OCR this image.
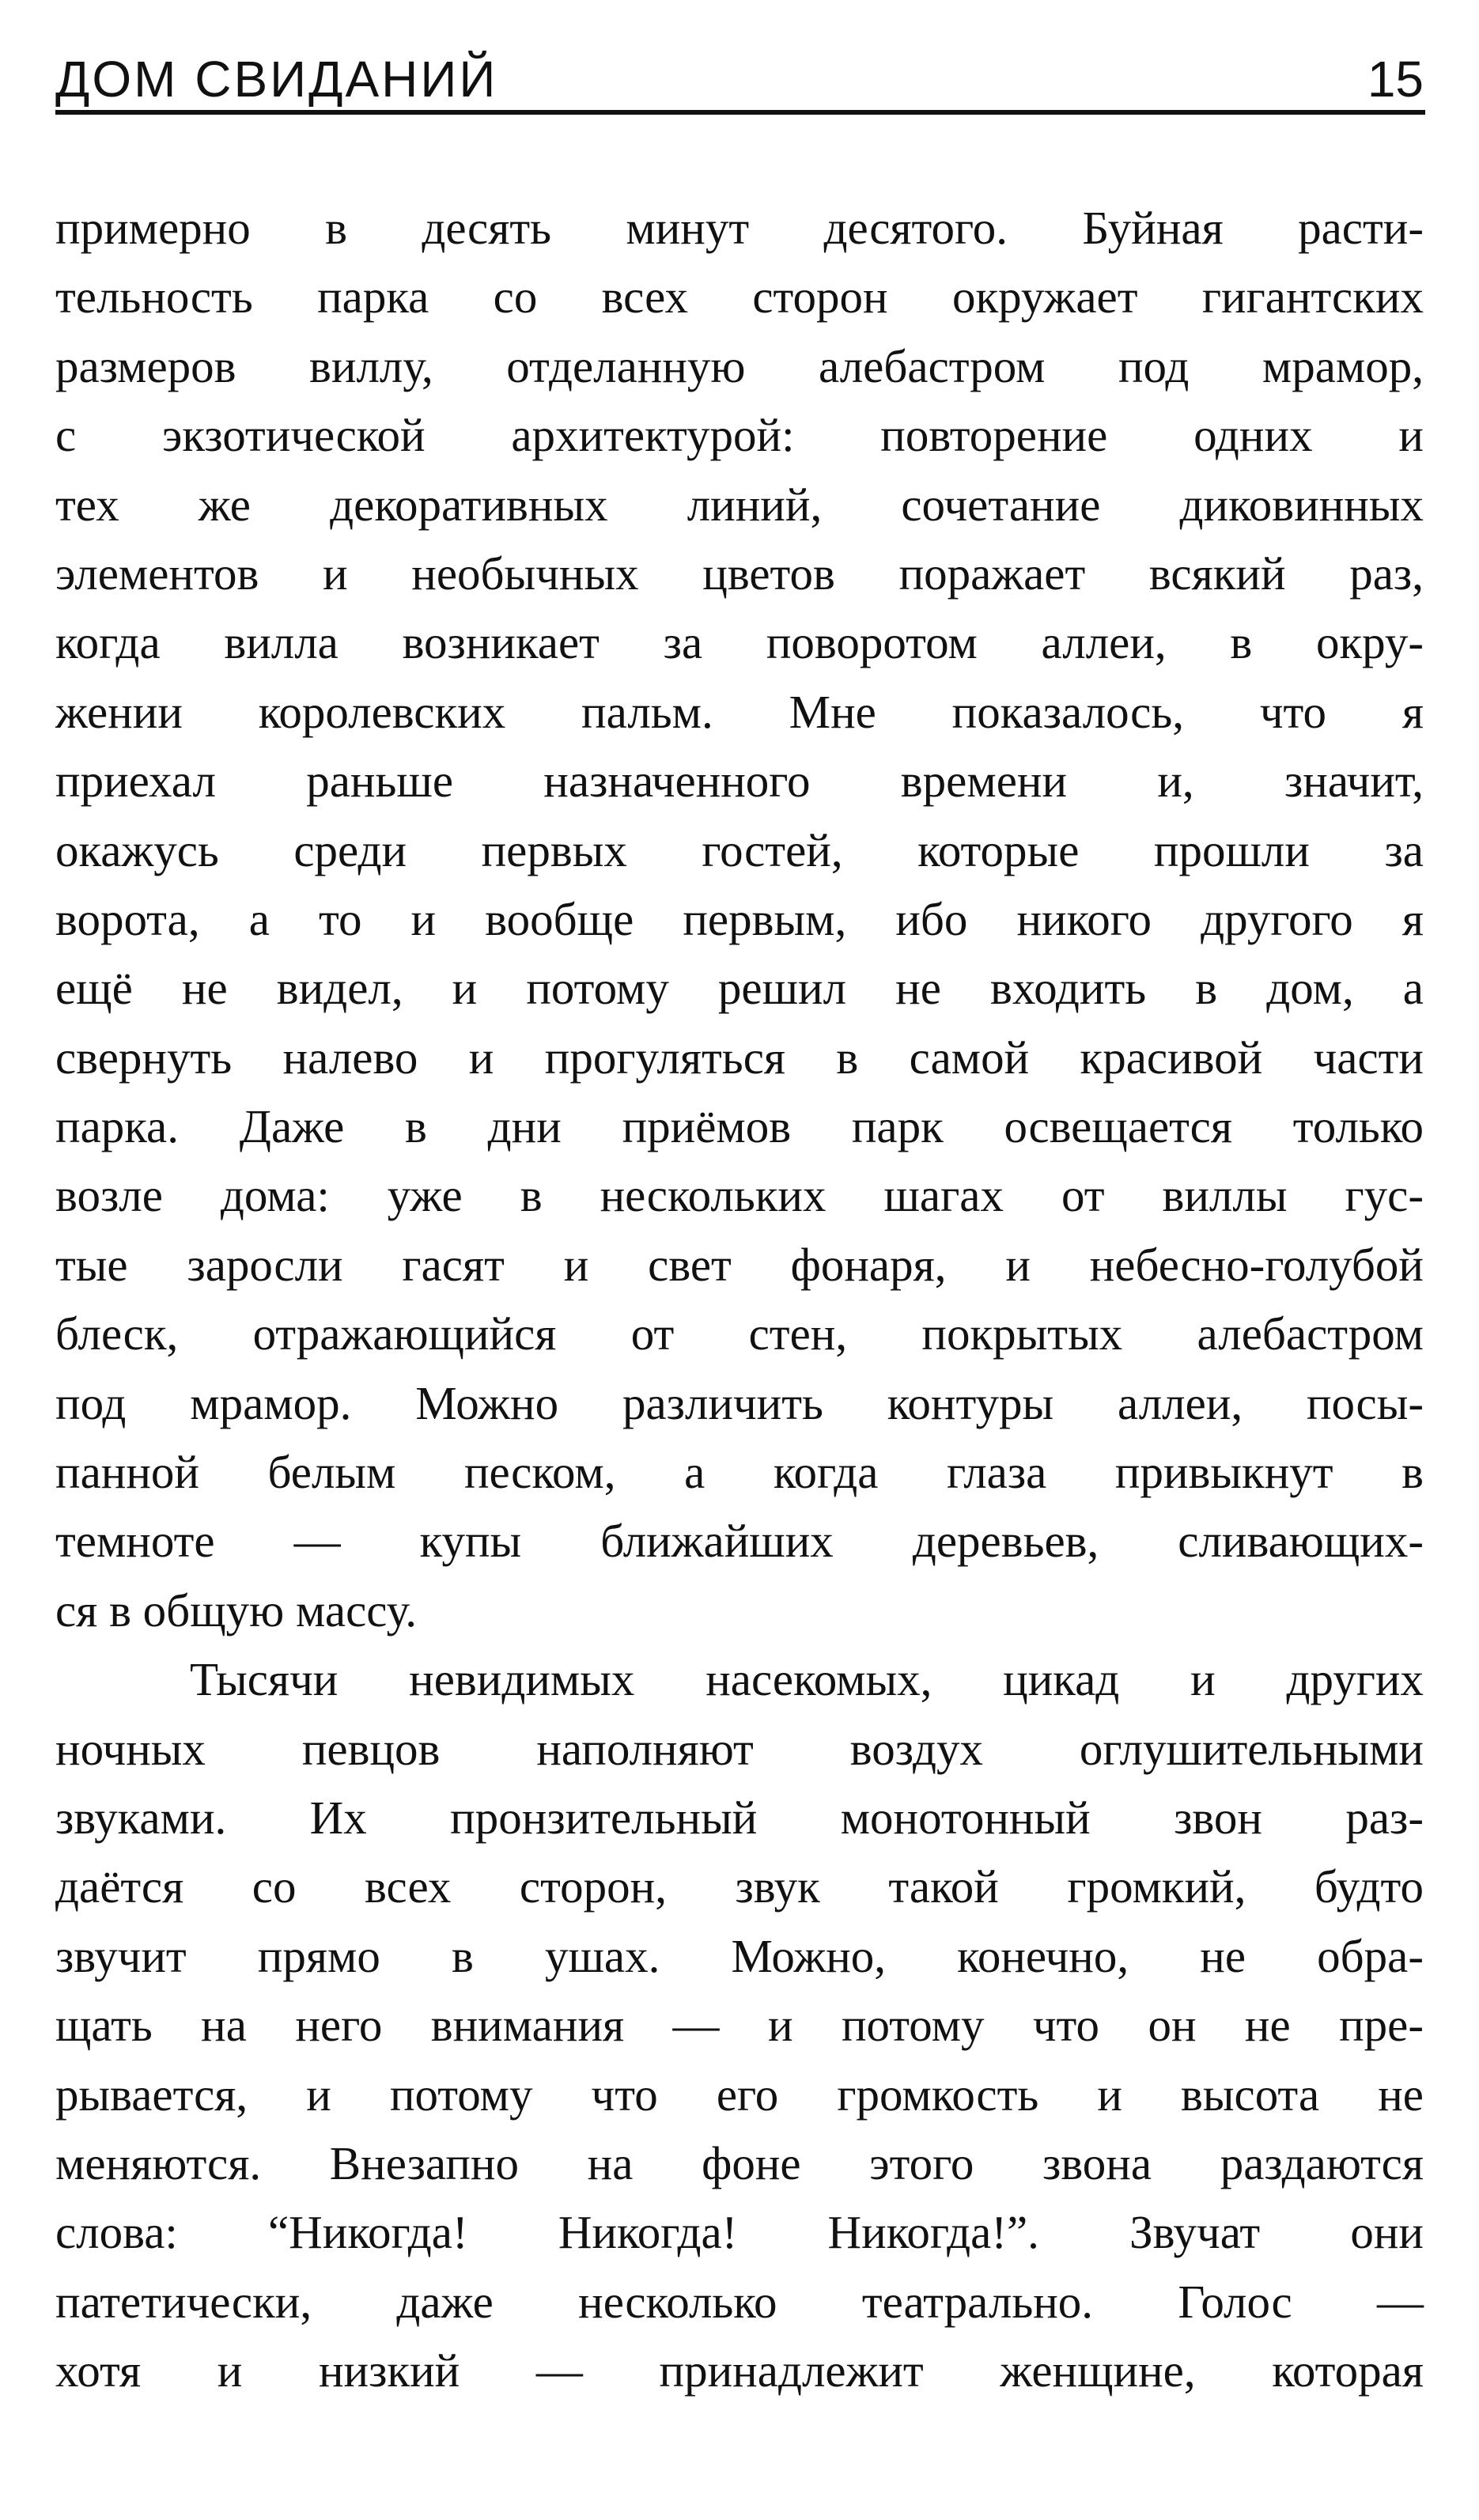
ДОМ СВИДАНИЙ	15
примерно в десять минут десятого. Буйная расти-
тельность парка со всех сторон окружает гигантских
размеров виллу, отделанную алебастром под мрамор,
с экзотической архитектурой: повторение одних и
тех же декоративных линий, сочетание диковинных
элементов и необычных цветов поражает всякий раз,
когда вилла возникает за поворотом аллеи, в окру-
жении королевских пальм. Мне показалось, что я
приехал раньше назначенного времени и, значит,
окажусь среди первых гостей, которые прошли за
ворота, а то и вообще первым, ибо никого другого я
ещё не видел, и потому решил не входить в дом, а
свернуть налево и прогуляться в самой красивой части
парка. Даже в дни приёмов парк освещается только
возле дома: уже в нескольких шагах от виллы гус-
тые заросли гасят и свет фонаря, и небесно-голубой
блеск, отражающийся от стен, покрытых алебастром
под мрамор. Можно различить контуры аллеи, посы-
панной белым песком, а когда глаза привыкнут в
темноте — купы ближайших деревьев, сливающих-
ся в общую массу.
Тысячи невидимых насекомых, цикад и других
ночных певцов наполняют воздух оглушительными
звуками. Их пронзительный монотонный звон раз-
даётся со всех сторон, звук такой громкий, будто
звучит прямо в ушах. Можно, конечно, не обра-
щать на него внимания — и потому что он не пре-
рывается, и потому что его громкость и высота не
меняются. Внезапно на фоне этого звона раздаются
слова: “Никогда! Никогда! Никогда!”. Звучат они
патетически, даже несколько театрально. Голос —
хотя и низкий — принадлежит женщине, которая
